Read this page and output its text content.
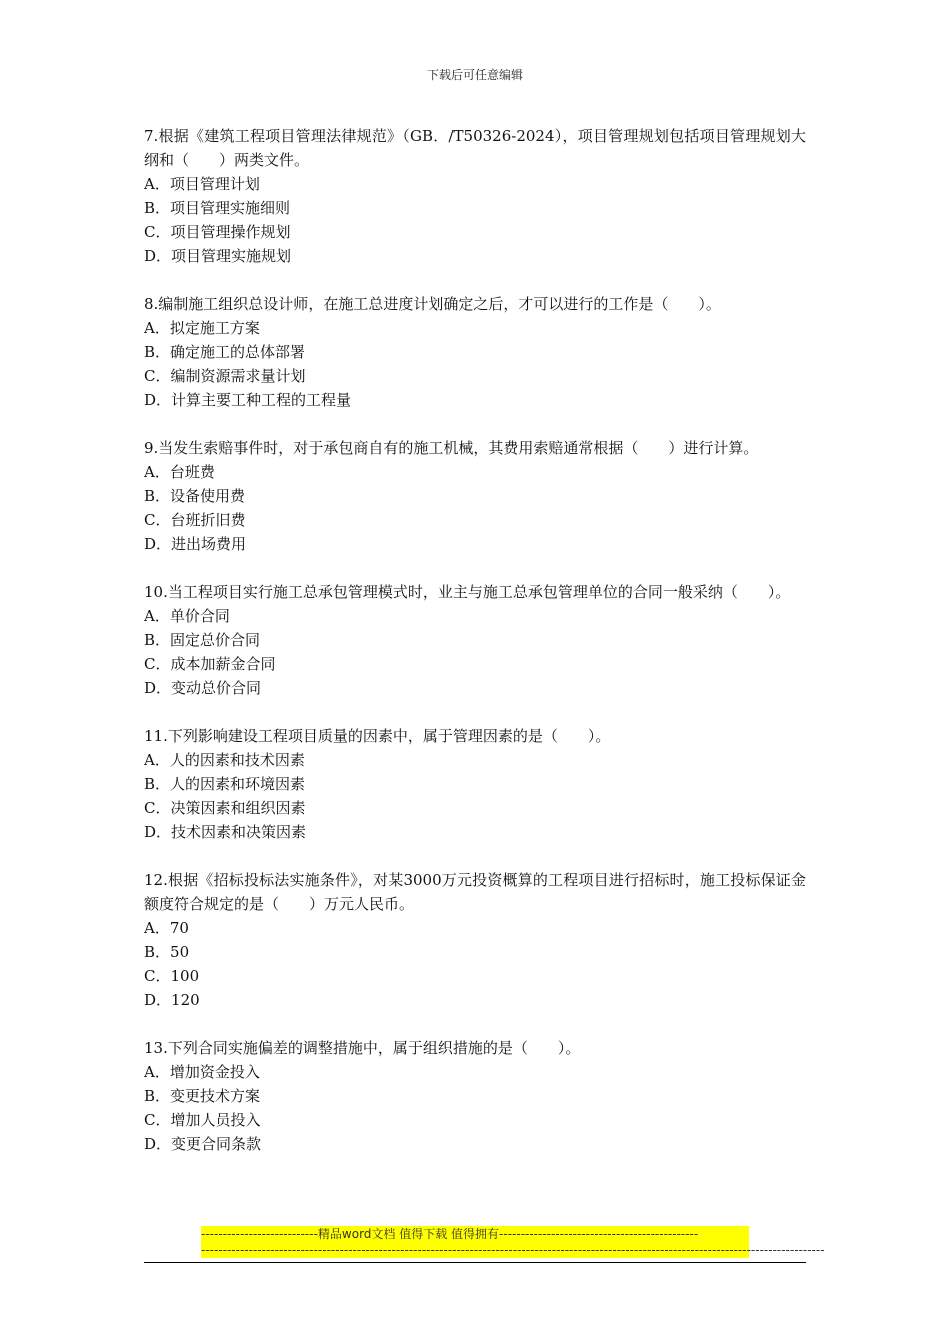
下载后可任意编辑
7.根据《建筑工程项目管理法律规范》（GB．/T50326-2024），项目管理规划包括项目管理规划大纲和（　　）两类文件。
A．项目管理计划
B．项目管理实施细则
C．项目管理操作规划
D．项目管理实施规划
8.编制施工组织总设计师，在施工总进度计划确定之后，才可以进行的工作是（　　）。
A．拟定施工方案
B．确定施工的总体部署
C．编制资源需求量计划
D．计算主要工种工程的工程量
9.当发生索赔事件时，对于承包商自有的施工机械，其费用索赔通常根据（　　）进行计算。
A．台班费
B．设备使用费
C．台班折旧费
D．进出场费用
10.当工程项目实行施工总承包管理模式时，业主与施工总承包管理单位的合同一般采纳（　　）。
A．单价合同
B．固定总价合同
C．成本加薪金合同
D．变动总价合同
11.下列影响建设工程项目质量的因素中，属于管理因素的是（　　）。
A．人的因素和技术因素
B．人的因素和环境因素
C．决策因素和组织因素
D．技术因素和决策因素
12.根据《招标投标法实施条件》，对某3000万元投资概算的工程项目进行招标时，施工投标保证金额度符合规定的是（　　）万元人民币。
A．70
B．50
C．100
D．120
13.下列合同实施偏差的调整措施中，属于组织措施的是（　　）。
A．增加资金投入
B．变更技术方案
C．增加人员投入
D．变更合同条款
---------------------------精品word文档 值得下载 值得拥有----------------------------------------------
------------------------------------------------------------------------------------------------------------------------------------------------
